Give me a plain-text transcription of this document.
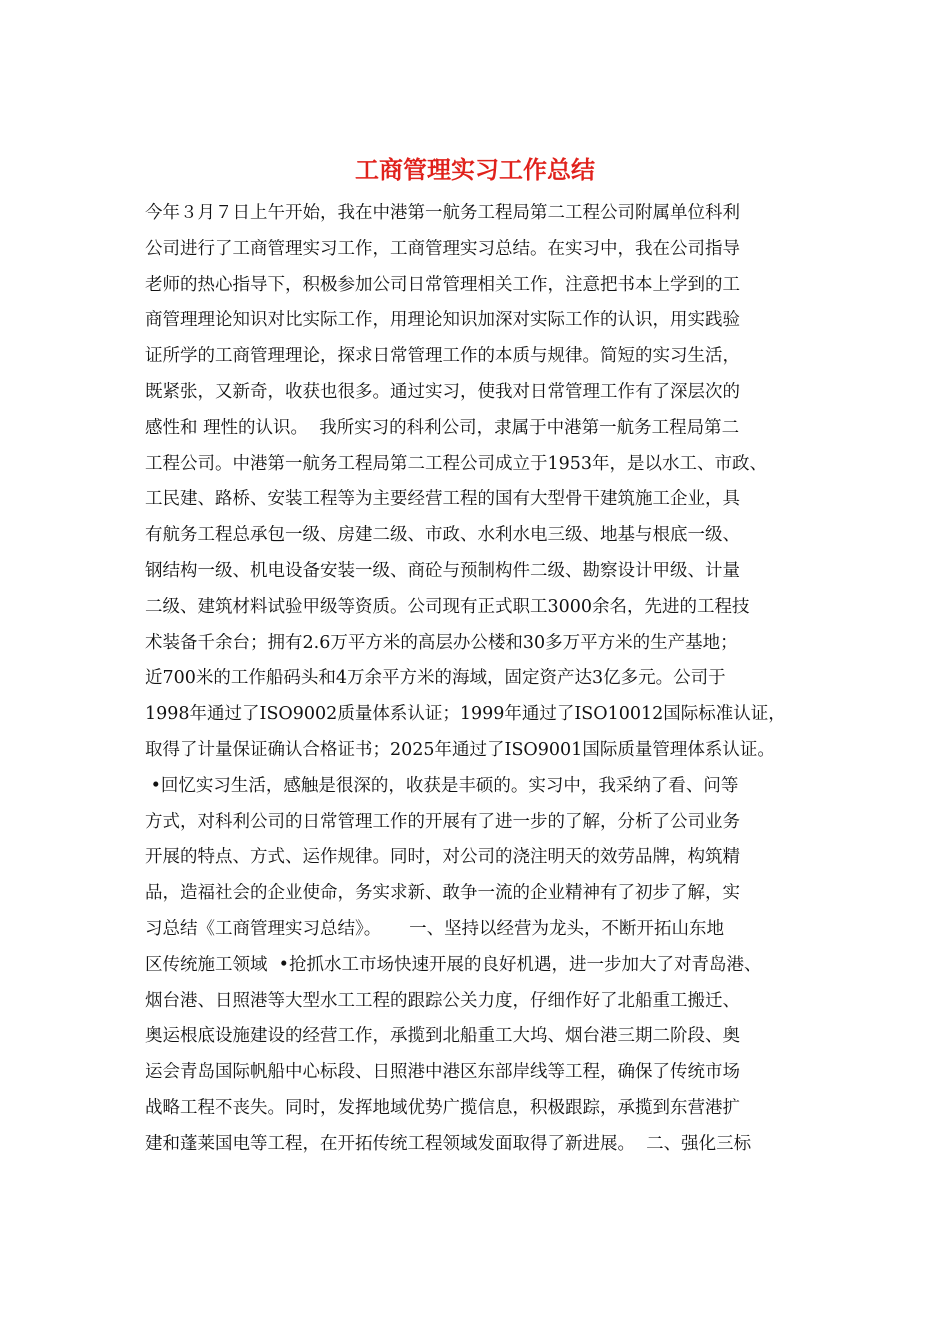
工商管理实习工作总结
今年３月７日上午开始，我在中港第一航务工程局第二工程公司附属单位科利
公司进行了工商管理实习工作，工商管理实习总结。在实习中，我在公司指导
老师的热心指导下，积极参加公司日常管理相关工作，注意把书本上学到的工
商管理理论知识对比实际工作，用理论知识加深对实际工作的认识，用实践验
证所学的工商管理理论，探求日常管理工作的本质与规律。简短的实习生活，
既紧张，又新奇，收获也很多。通过实习，使我对日常管理工作有了深层次的
感性和 理性的认识。  我所实习的科利公司，隶属于中港第一航务工程局第二
工程公司。中港第一航务工程局第二工程公司成立于1953年，是以水工、市政、
工民建、路桥、安装工程等为主要经营工程的国有大型骨干建筑施工企业，具
有航务工程总承包一级、房建二级、市政、水利水电三级、地基与根底一级、
钢结构一级、机电设备安装一级、商砼与预制构件二级、勘察设计甲级、计量
二级、建筑材料试验甲级等资质。公司现有正式职工3000余名，先进的工程技
术装备千余台；拥有2.6万平方米的高层办公楼和30多万平方米的生产基地；
近700米的工作船码头和4万余平方米的海域，固定资产达3亿多元。公司于
1998年通过了ISO9002质量体系认证；1999年通过了ISO10012国际标准认证，
取得了计量保证确认合格证书；2025年通过了ISO9001国际质量管理体系认证。
•回忆实习生活，感触是很深的，收获是丰硕的。实习中，我采纳了看、问等
方式，对科利公司的日常管理工作的开展有了进一步的了解，分析了公司业务
开展的特点、方式、运作规律。同时，对公司的浇注明天的效劳品牌，构筑精
品，造福社会的企业使命，务实求新、敢争一流的企业精神有了初步了解，实
习总结《工商管理实习总结》。     一、坚持以经营为龙头，不断开拓山东地
区传统施工领域  •抢抓水工市场快速开展的良好机遇，进一步加大了对青岛港、
烟台港、日照港等大型水工工程的跟踪公关力度，仔细作好了北船重工搬迁、
奥运根底设施建设的经营工作，承揽到北船重工大坞、烟台港三期二阶段、奥
运会青岛国际帆船中心标段、日照港中港区东部岸线等工程，确保了传统市场
战略工程不丧失。同时，发挥地域优势广揽信息，积极跟踪，承揽到东营港扩
建和蓬莱国电等工程，在开拓传统工程领域发面取得了新进展。  二、强化三标
